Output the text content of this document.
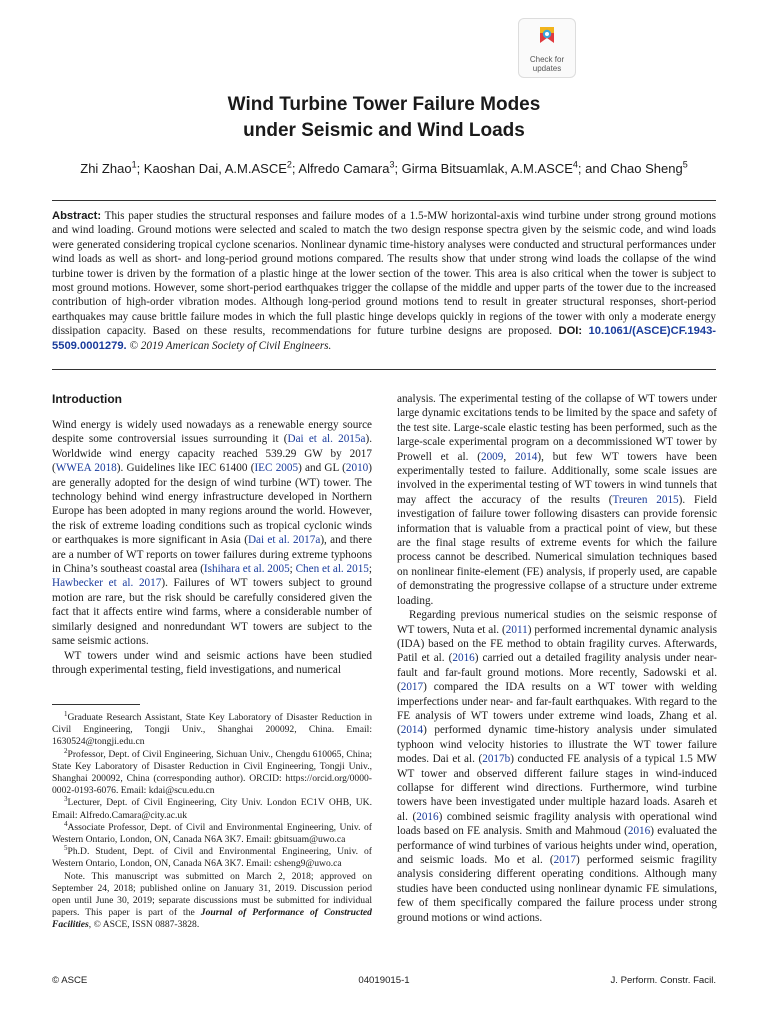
Check for
updates
Wind Turbine Tower Failure Modes
under Seismic and Wind Loads
Zhi Zhao$^1$; Kaoshan Dai, A.M.ASCE$^2$; Alfredo Camara$^3$; Girma Bitsuamlak, A.M.ASCE$^4$; and Chao Sheng$^5$
Abstract: This paper studies the structural responses and failure modes of a 1.5-MW horizontal-axis wind turbine under strong ground motions and wind loading. Ground motions were selected and scaled to match the two design response spectra given by the seismic code, and wind loads were generated considering tropical cyclone scenarios. Nonlinear dynamic time-history analyses were conducted and structural performances under wind loads as well as short- and long-period ground motions compared. The results show that under strong wind loads the collapse of the wind turbine tower is driven by the formation of a plastic hinge at the lower section of the tower. This area is also critical when the tower is subject to most ground motions. However, some short-period earthquakes trigger the collapse of the middle and upper parts of the tower due to the increased contribution of high-order vibration modes. Although long-period ground motions tend to result in greater structural responses, short-period earthquakes may cause brittle failure modes in which the full plastic hinge develops quickly in regions of the tower with only a moderate energy dissipation capacity. Based on these results, recommendations for future turbine designs are proposed. DOI: 10.1061/(ASCE)CF.1943-5509.0001279. © 2019 American Society of Civil Engineers.
Introduction

Wind energy is widely used nowadays as a renewable energy source despite some controversial issues surrounding it (Dai et al. 2015a). Worldwide wind energy capacity reached 539.29 GW by 2017 (WWEA 2018). Guidelines like IEC 61400 (IEC 2005) and GL (2010) are generally adopted for the design of wind turbine (WT) tower. The technology behind wind energy infrastructure developed in Northern Europe has been adopted in many regions around the world. However, the risk of extreme loading conditions such as tropical cyclonic winds or earthquakes is more significant in Asia (Dai et al. 2017a), and there are a number of WT reports on tower failures during extreme typhoons in China’s southeast coastal area (Ishihara et al. 2005; Chen et al. 2015; Hawbecker et al. 2017). Failures of WT towers subject to ground motion are rare, but the risk should be carefully considered given the fact that it affects entire wind farms, where a considerable number of similarly designed and nonredundant WT towers are subject to the same seismic actions.

WT towers under wind and seismic actions have been studied through experimental testing, field investigations, and numerical

$^1$Graduate Research Assistant, State Key Laboratory of Disaster Reduction in Civil Engineering, Tongji Univ., Shanghai 200092, China. Email: 1630524@tongji.edu.cn

$^2$Professor, Dept. of Civil Engineering, Sichuan Univ., Chengdu 610065, China; State Key Laboratory of Disaster Reduction in Civil Engineering, Tongji Univ., Shanghai 200092, China (corresponding author). ORCID: https://orcid.org/0000-0002-0193-6076. Email: kdai@scu.edu.cn

$^3$Lecturer, Dept. of Civil Engineering, City Univ. London EC1V OHB, UK. Email: Alfredo.Camara@city.ac.uk

$^4$Associate Professor, Dept. of Civil and Environmental Engineering, Univ. of Western Ontario, London, ON, Canada N6A 3K7. Email: gbitsuam@uwo.ca

$^5$Ph.D. Student, Dept. of Civil and Environmental Engineering, Univ. of Western Ontario, London, ON, Canada N6A 3K7. Email: csheng9@uwo.ca

Note. This manuscript was submitted on March 2, 2018; approved on September 24, 2018; published online on January 31, 2019. Discussion period open until June 30, 2019; separate discussions must be submitted for individual papers. This paper is part of the Journal of Performance of Constructed Facilities, © ASCE, ISSN 0887-3828.

analysis. The experimental testing of the collapse of WT towers under large dynamic excitations tends to be limited by the space and safety of the test site. Large-scale elastic testing has been performed, such as the large-scale experimental program on a decommissioned WT tower by Prowell et al. (2009, 2014), but few WT towers have been experimentally tested to failure. Additionally, some scale issues are involved in the experimental testing of WT towers in wind tunnels that may affect the accuracy of the results (Treuren 2015). Field investigation of failure tower following disasters can provide forensic information that is valuable from a practical point of view, but these are the final stage results of extreme events for which the failure process cannot be described. Numerical simulation techniques based on nonlinear finite-element (FE) analysis, if properly used, are capable of demonstrating the progressive collapse of a structure under extreme loading.

Regarding previous numerical studies on the seismic response of WT towers, Nuta et al. (2011) performed incremental dynamic analysis (IDA) based on the FE method to obtain fragility curves. Afterwards, Patil et al. (2016) carried out a detailed fragility analysis under near-fault and far-fault ground motions. More recently, Sadowski et al. (2017) compared the IDA results on a WT tower with welding imperfections under near- and far-fault earthquakes. With regard to the FE analysis of WT towers under extreme wind loads, Zhang et al. (2014) performed dynamic time-history analysis under simulated typhoon wind velocity histories to illustrate the WT tower failure modes. Dai et al. (2017b) conducted FE analysis of a typical 1.5 MW WT tower and observed different failure stages in wind-induced collapse for different wind directions. Furthermore, wind turbine towers have been investigated under multiple hazard loads. Asareh et al. (2016) combined seismic fragility analysis with operational wind loads based on FE analysis. Smith and Mahmoud (2016) evaluated the performance of wind turbines of various heights under wind, operation, and seismic loads. Mo et al. (2017) performed seismic fragility analysis considering different operating conditions. Although many studies have been conducted using nonlinear dynamic FE simulations, few of them specifically compared the failure process under strong ground motions or wind actions.

© ASCE	04019015-1	J. Perform. Constr. Facil.
